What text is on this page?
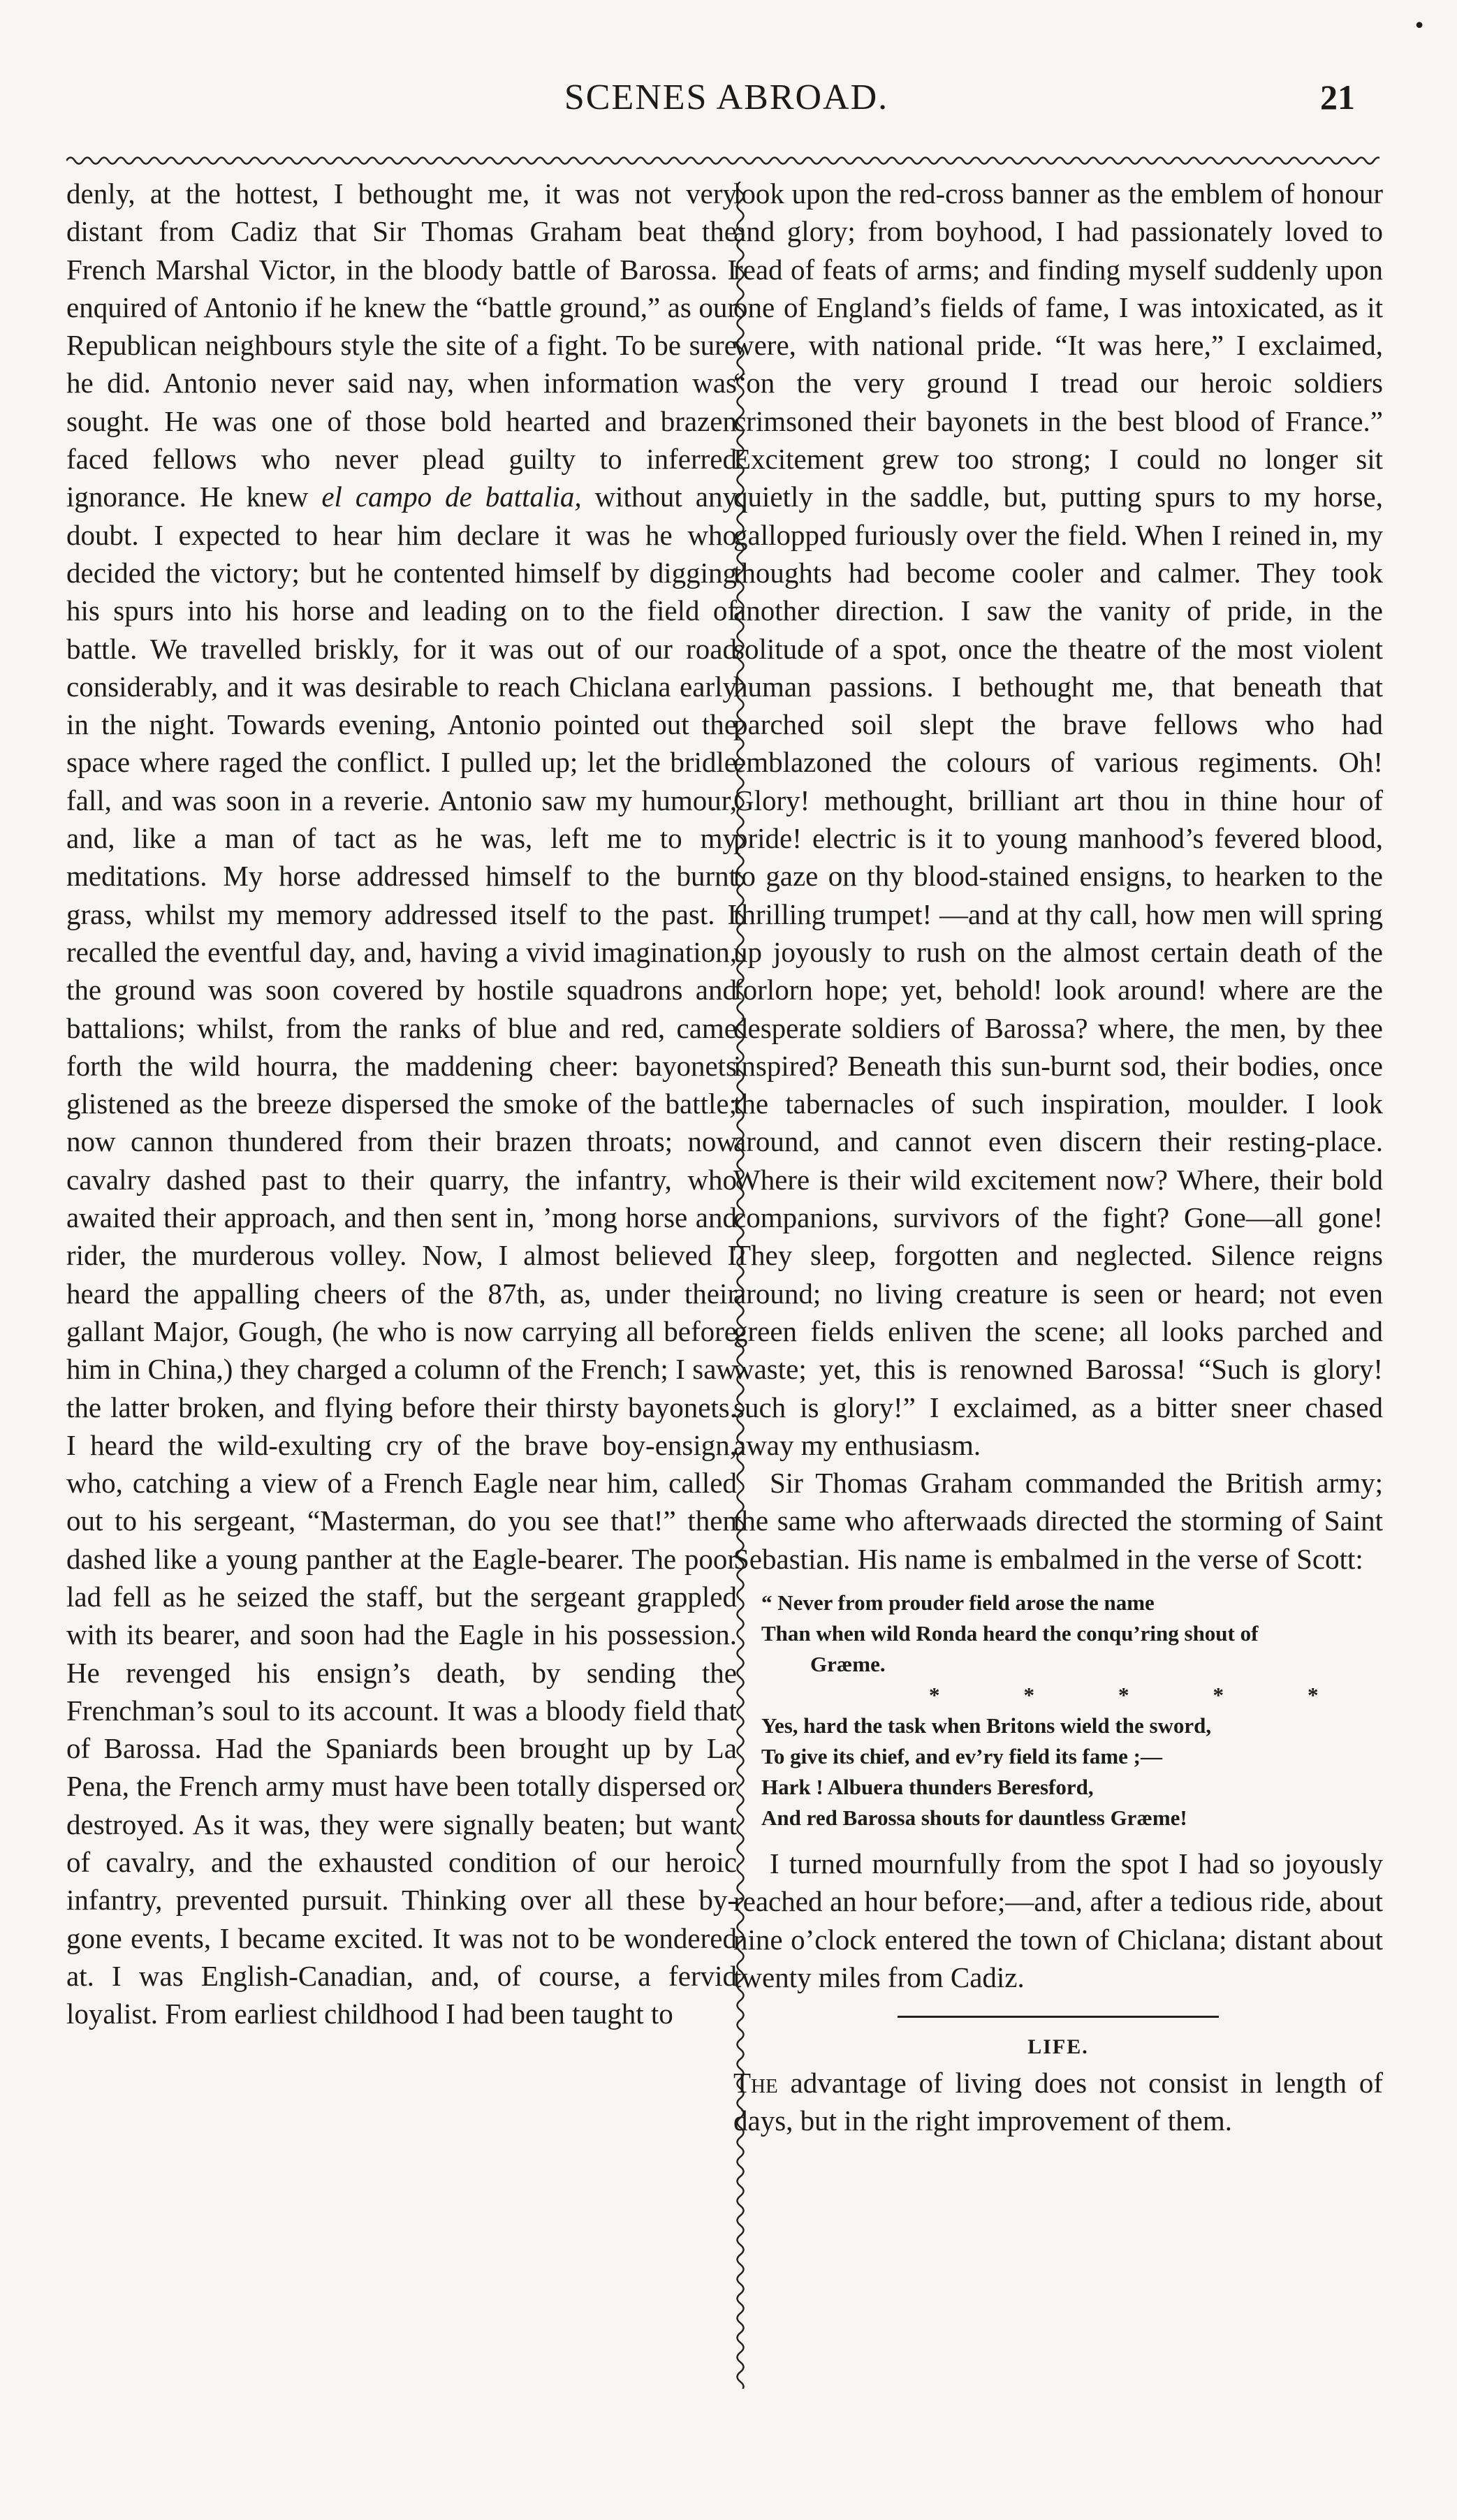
•
SCENES ABROAD.	21

denly, at the hottest, I bethought me, it was not very distant from Cadiz that Sir Thomas Graham beat the French Marshal Victor, in the bloody battle of Barossa. I enquired of Antonio if he knew the “battle ground,” as our Republican neighbours style the site of a fight. To be sure he did. Antonio never said nay, when information was sought. He was one of those bold hearted and brazen faced fellows who never plead guilty to inferred ignorance. He knew el campo de battalia, without any doubt. I expected to hear him declare it was he who decided the victory; but he contented himself by digging his spurs into his horse and leading on to the field of battle. We travelled briskly, for it was out of our road considerably, and it was desirable to reach Chiclana early in the night. Towards evening, Antonio pointed out the space where raged the conflict. I pulled up; let the bridle fall, and was soon in a reverie. Antonio saw my humour, and, like a man of tact as he was, left me to my meditations. My horse addressed himself to the burnt grass, whilst my memory addressed itself to the past. I recalled the eventful day, and, having a vivid imagination, the ground was soon covered by hostile squadrons and battalions; whilst, from the ranks of blue and red, came forth the wild hourra, the maddening cheer: bayonets glistened as the breeze dispersed the smoke of the battle; now cannon thundered from their brazen throats; now cavalry dashed past to their quarry, the infantry, who awaited their approach, and then sent in, ’mong horse and rider, the murderous volley. Now, I almost believed I heard the appalling cheers of the 87th, as, under their gallant Major, Gough, (he who is now carrying all before him in China,) they charged a column of the French; I saw the latter broken, and flying before their thirsty bayonets. I heard the wild-exulting cry of the brave boy-ensign, who, catching a view of a French Eagle near him, called out to his sergeant, “Masterman, do you see that!” then dashed like a young panther at the Eagle-bearer. The poor lad fell as he seized the staff, but the sergeant grappled with its bearer, and soon had the Eagle in his possession. He revenged his ensign’s death, by sending the Frenchman’s soul to its account. It was a bloody field that of Barossa. Had the Spaniards been brought up by La Pena, the French army must have been totally dispersed or destroyed. As it was, they were signally beaten; but want of cavalry, and the exhausted condition of our heroic infantry, prevented pursuit. Thinking over all these by-gone events, I became excited. It was not to be wondered at. I was English-Canadian, and, of course, a fervid loyalist. From earliest childhood I had been taught to

look upon the red-cross banner as the emblem of honour and glory; from boyhood, I had passionately loved to read of feats of arms; and finding myself suddenly upon one of England’s fields of fame, I was intoxicated, as it were, with national pride. “It was here,” I exclaimed, “on the very ground I tread our heroic soldiers crimsoned their bayonets in the best blood of France.” Excitement grew too strong; I could no longer sit quietly in the saddle, but, putting spurs to my horse, gallopped furiously over the field. When I reined in, my thoughts had become cooler and calmer. They took another direction. I saw the vanity of pride, in the solitude of a spot, once the theatre of the most violent human passions. I bethought me, that beneath that parched soil slept the brave fellows who had emblazoned the colours of various regiments. Oh! Glory! methought, brilliant art thou in thine hour of pride! electric is it to young manhood’s fevered blood, to gaze on thy blood-stained ensigns, to hearken to the thrilling trumpet! —and at thy call, how men will spring up joyously to rush on the almost certain death of the forlorn hope; yet, behold! look around! where are the desperate soldiers of Barossa? where, the men, by thee inspired? Beneath this sun-burnt sod, their bodies, once the tabernacles of such inspiration, moulder. I look around, and cannot even discern their resting-place. Where is their wild excitement now? Where, their bold companions, survivors of the fight? Gone—all gone! They sleep, forgotten and neglected. Silence reigns around; no living creature is seen or heard; not even green fields enliven the scene; all looks parched and waste; yet, this is renowned Barossa! “Such is glory! such is glory!” I exclaimed, as a bitter sneer chased away my enthusiasm.

Sir Thomas Graham commanded the British army; the same who afterwaads directed the storming of Saint Sebastian. His name is embalmed in the verse of Scott:

“ Never from prouder field arose the name
Than when wild Ronda heard the conqu’ring shout of
Græme.
*****
Yes, hard the task when Britons wield the sword,
To give its chief, and ev’ry field its fame ;—
Hark ! Albuera thunders Beresford,
And red Barossa shouts for dauntless Græme!

I turned mournfully from the spot I had so joyously reached an hour before;—and, after a tedious ride, about nine o’clock entered the town of Chiclana; distant about twenty miles from Cadiz.

LIFE.

The advantage of living does not consist in length of days, but in the right improvement of them.
